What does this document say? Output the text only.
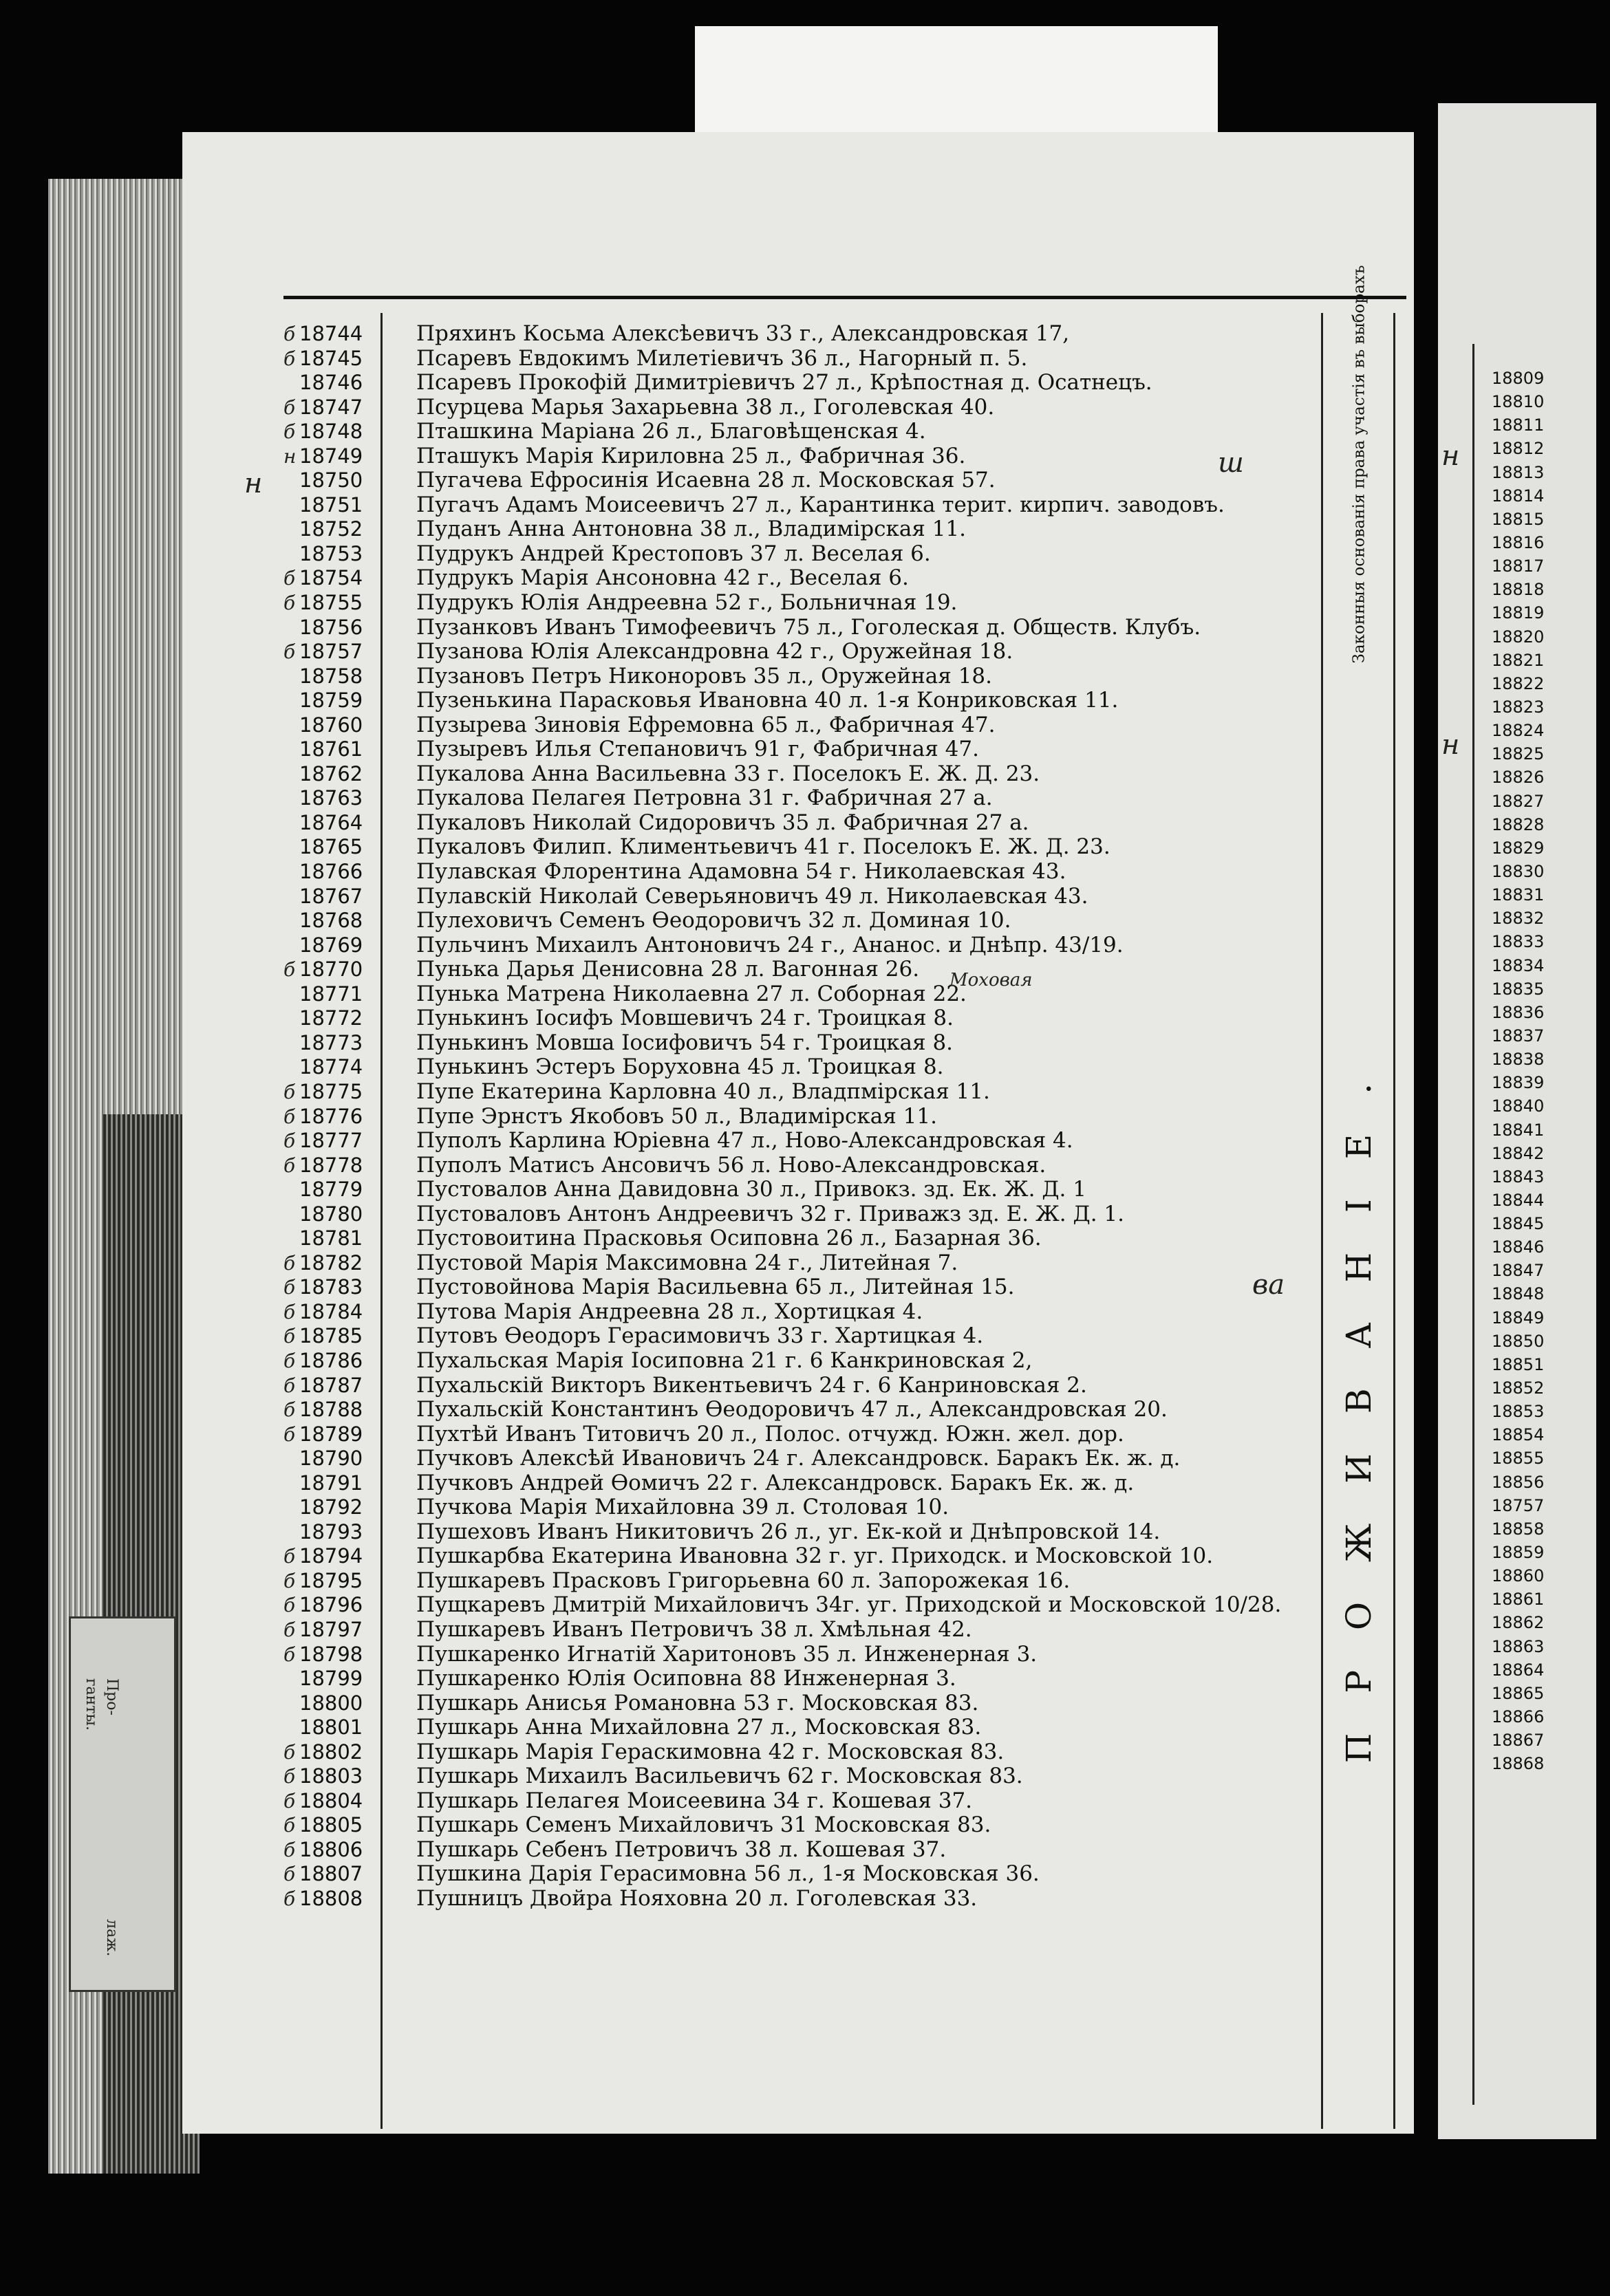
Про-
ганты.
лаж.
Законныя основанія права участія въ выборахъ
ПРОЖИВАНІЕ.
б 18744	Пряхинъ Косьма Алексѣевичъ 33 г., Александровская 17,
б 18745	Псаревъ Евдокимъ Милетіевичъ 36 л., Нагорный п. 5.
18746	Псаревъ Прокофій Димитріевичъ 27 л., Крѣпостная д. Осатнецъ.
б 18747	Псурцева Марья Захарьевна 38 л., Гоголевская 40.
б 18748	Пташкина Маріана 26 л., Благовѣщенская 4.
н 18749	Пташукъ Марія Кириловна 25 л., Фабричная 36.
18750	Пугачева Ефросинія Исаевна 28 л. Московская 57.
18751	Пугачъ Адамъ Моисеевичъ 27 л., Карантинка терит. кирпич. заводовъ.
18752	Пуданъ Анна Антоновна 38 л., Владимірская 11.
18753	Пудрукъ Андрей Крестоповъ 37 л. Веселая 6.
б 18754	Пудрукъ Марія Ансоновна 42 г., Веселая 6.
б 18755	Пудрукъ Юлія Андреевна 52 г., Больничная 19.
18756	Пузанковъ Иванъ Тимофеевичъ 75 л., Гоголеская д. Обществ. Клубъ.
б 18757	Пузанова Юлія Александровна 42 г., Оружейная 18.
18758	Пузановъ Петръ Никоноровъ 35 л., Оружейная 18.
18759	Пузенькина Парасковья Ивановна 40 л. 1-я Конриковская 11.
18760	Пузырева Зиновія Ефремовна 65 л., Фабричная 47.
18761	Пузыревъ Илья Степановичъ 91 г, Фабричная 47.
18762	Пукалова Анна Васильевна 33 г. Поселокъ Е. Ж. Д. 23.
18763	Пукалова Пелагея Петровна 31 г. Фабричная 27 а.
18764	Пукаловъ Николай Сидоровичъ 35 л. Фабричная 27 а.
18765	Пукаловъ Филип. Климентьевичъ 41 г. Поселокъ Е. Ж. Д. 23.
18766	Пулавская Флорентина Адамовна 54 г. Николаевская 43.
18767	Пулавскій Николай Северьяновичъ 49 л. Николаевская 43.
18768	Пулеховичъ Семенъ Ѳеодоровичъ 32 л. Доминая 10.
18769	Пульчинъ Михаилъ Антоновичъ 24 г., Ананос. и Днѣпр. 43/19.
б 18770	Пунька Дарья Денисовна 28 л. Вагонная 26.
18771	Пунька Матрена Николаевна 27 л. Соборная 22.
18772	Пунькинъ Іосифъ Мовшевичъ 24 г. Троицкая 8.
18773	Пунькинъ Мовша Іосифовичъ 54 г. Троицкая 8.
18774	Пунькинъ Эстеръ Боруховна 45 л. Троицкая 8.
б 18775	Пупе Екатерина Карловна 40 л., Владпмірская 11.
б 18776	Пупе Эрнстъ Якобовъ 50 л., Владимірская 11.
б 18777	Пуполъ Карлина Юріевна 47 л., Ново-Александровская 4.
б 18778	Пуполъ Матисъ Ансовичъ 56 л. Ново-Александровская.
18779	Пустовалов Анна Давидовна 30 л., Привокз. зд. Ек. Ж. Д. 1
18780	Пустоваловъ Антонъ Андреевичъ 32 г. Приважз зд. Е. Ж. Д. 1.
18781	Пустовоитина Прасковья Осиповна 26 л., Базарная 36.
б 18782	Пустовой Марія Максимовна 24 г., Литейная 7.
б 18783	Пустовойнова Марія Васильевна 65 л., Литейная 15.
б 18784	Путова Марія Андреевна 28 л., Хортицкая 4.
б 18785	Путовъ Ѳеодоръ Герасимовичъ 33 г. Хартицкая 4.
б 18786	Пухальская Марія Іосиповна 21 г. 6 Канкриновская 2,
б 18787	Пухальскій Викторъ Викентьевичъ 24 г. 6 Канриновская 2.
б 18788	Пухальскій Константинъ Ѳеодоровичъ 47 л., Александровская 20.
б 18789	Пухтѣй Иванъ Титовичъ 20 л., Полос. отчужд. Южн. жел. дор.
18790	Пучковъ Алексѣй Ивановичъ 24 г. Александровск. Баракъ Ек. ж. д.
18791	Пучковъ Андрей Ѳомичъ 22 г. Александровск. Баракъ Ек. ж. д.
18792	Пучкова Марія Михайловна 39 л. Столовая 10.
18793	Пушеховъ Иванъ Никитовичъ 26 л., уг. Ек-кой и Днѣпровской 14.
б 18794	Пушкарбва Екатерина Ивановна 32 г. уг. Приходск. и Московской 10.
б 18795	Пушкаревъ Прасковъ Григорьевна 60 л. Запорожекая 16.
б 18796	Пущкаревъ Дмитрій Михайловичъ 34г. уг. Приходской и Московской 10/28.
б 18797	Пушкаревъ Иванъ Петровичъ 38 л. Хмѣльная 42.
б 18798	Пушкаренко Игнатій Харитоновъ 35 л. Инженерная 3.
18799	Пушкаренко Юлія Осиповна 88 Инженерная 3.
18800	Пушкарь Анисья Романовна 53 г. Московская 83.
18801	Пушкарь Анна Михайловна 27 л., Московская 83.
б 18802	Пушкарь Марія Гераскимовна 42 г. Московская 83.
б 18803	Пушкарь Михаилъ Васильевичъ 62 г. Московская 83.
б 18804	Пушкарь Пелагея Моисеевина 34 г. Кошевая 37.
б 18805	Пушкарь Семенъ Михайловичъ 31 Московская 83.
б 18806	Пушкарь Себенъ Петровичъ 38 л. Кошевая 37.
б 18807	Пушкина Дарія Герасимовна 56 л., 1-я Московская 36.
б 18808	Пушницъ Двойра Нояховна 20 л. Гоголевская 33.
18809
18810
18811
18812
18813
18814
18815
18816
18817
18818
18819
18820
18821
18822
18823
18824
18825
18826
18827
18828
18829
18830
18831
18832
18833
18834
18835
18836
18837
18838
18839
18840
18841
18842
18843
18844
18845
18846
18847
18848
18849
18850
18851
18852
18853
18854
18855
18856
18757
18858
18859
18860
18861
18862
18863
18864
18865
18866
18867
18868
н
ш	н
н
ва
Моховая
